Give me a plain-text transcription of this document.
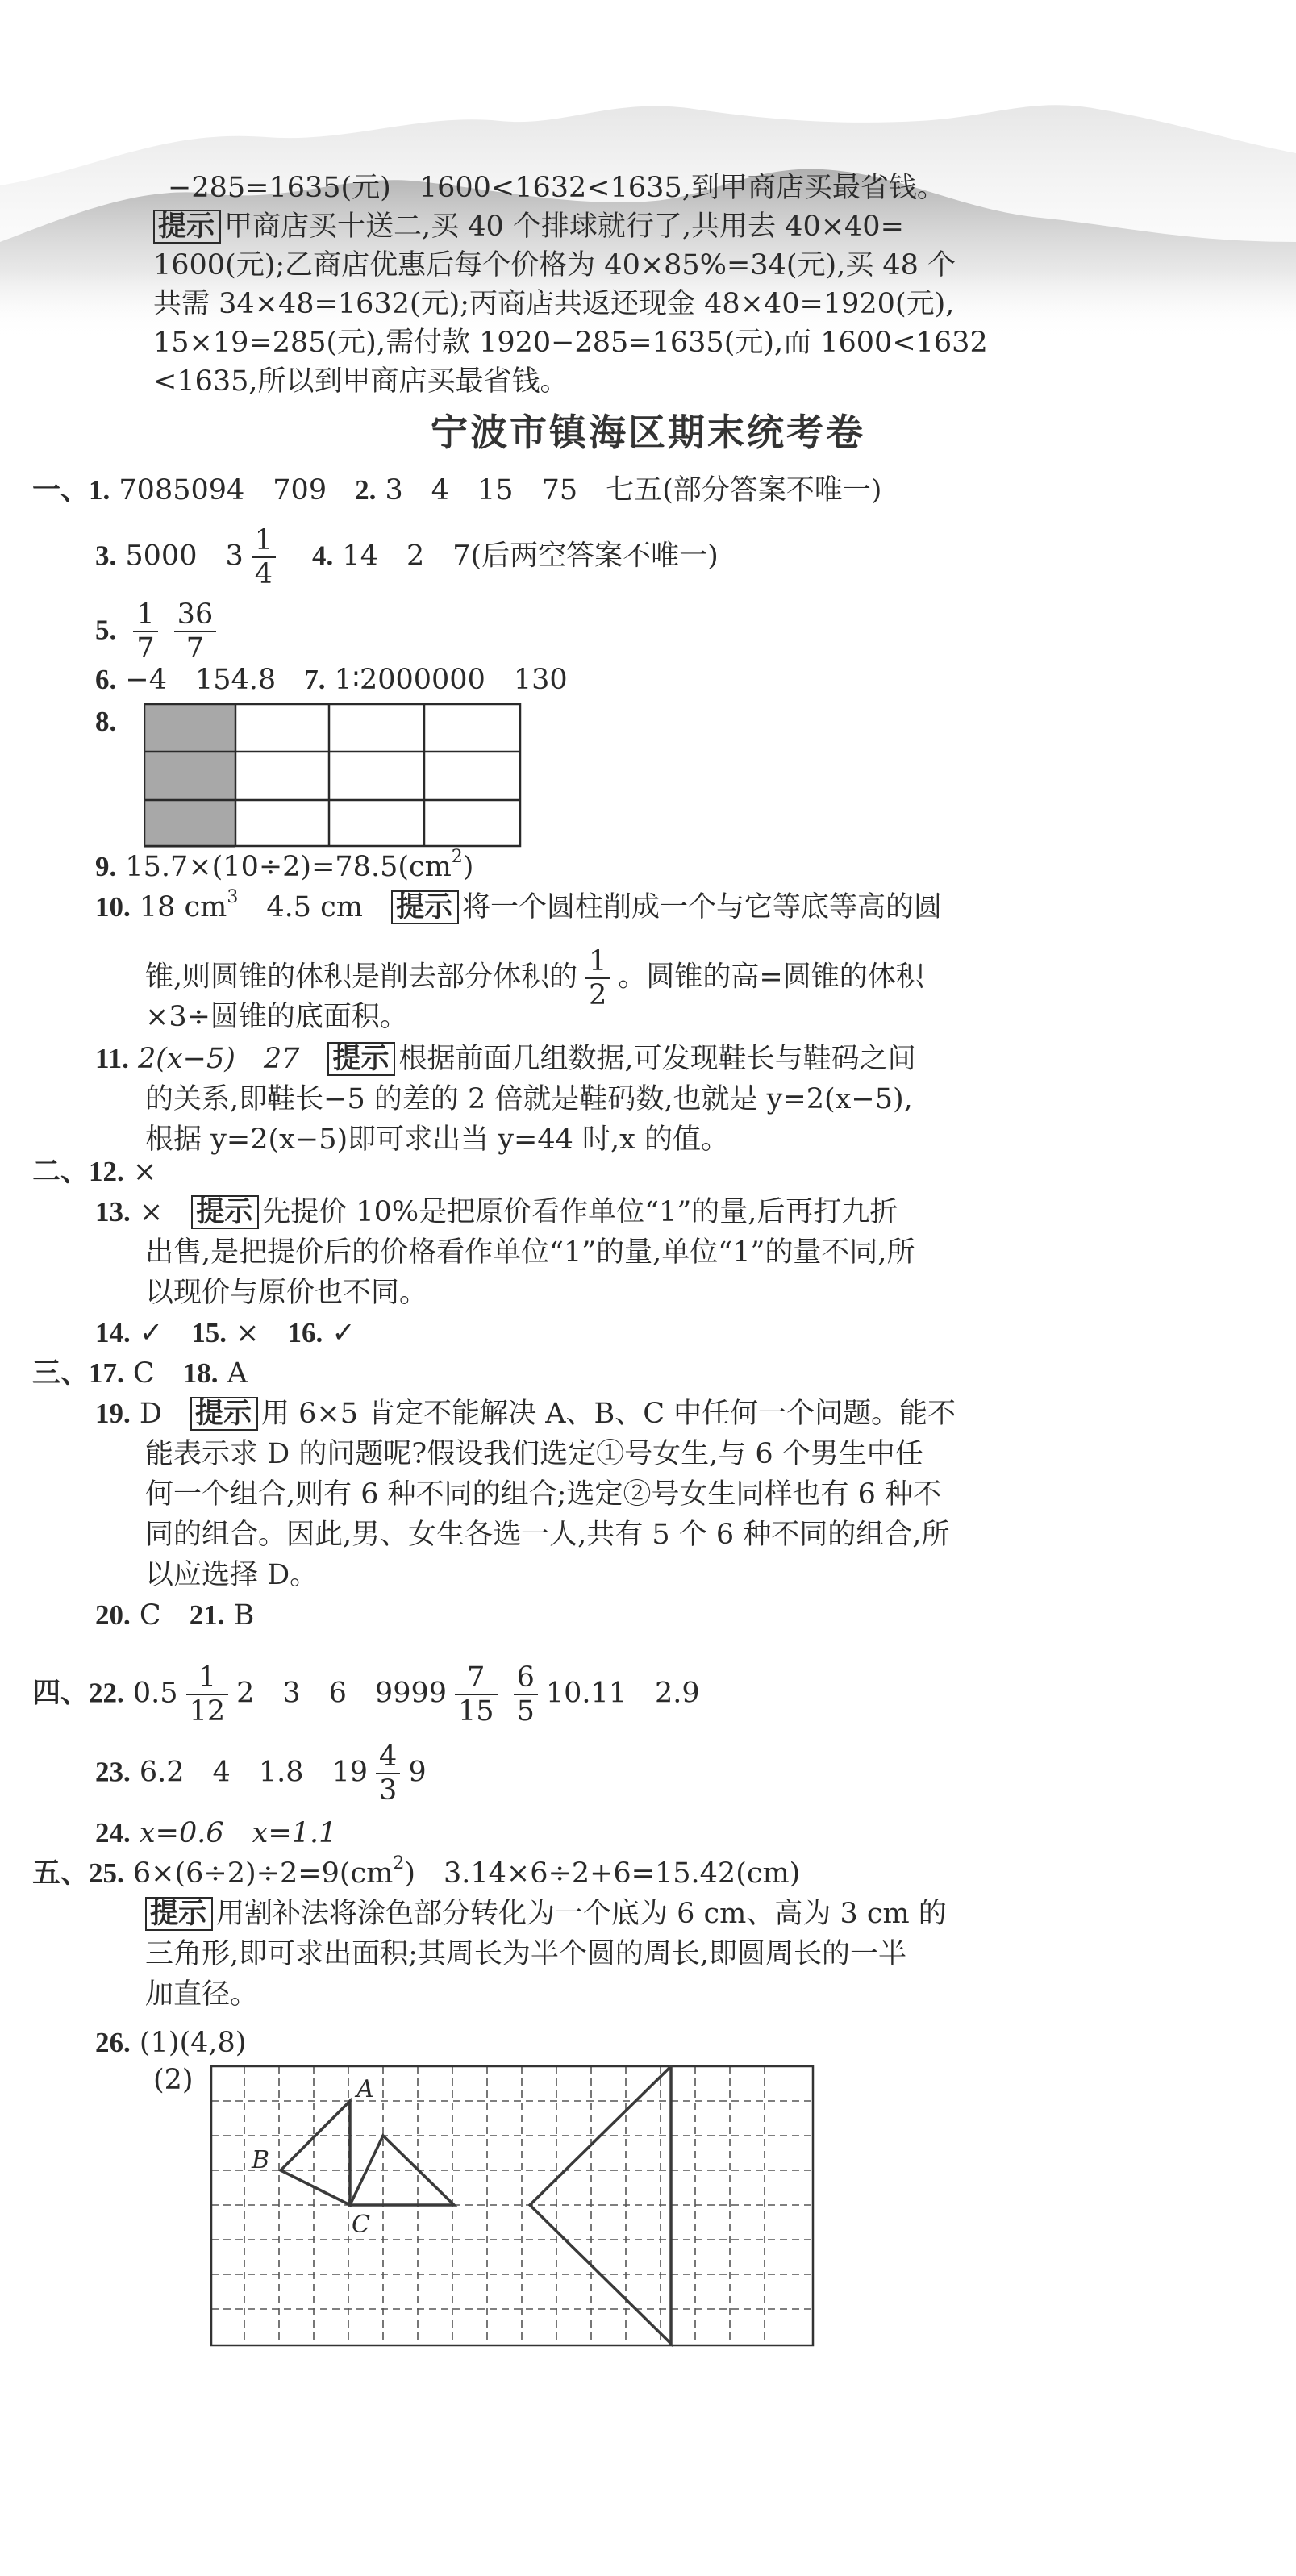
−285=1635(元)　1600<1632<1635,到甲商店买最省钱。
提示 甲商店买十送二,买 40 个排球就行了,共用去 40×40=
1600(元);乙商店优惠后每个价格为 40×85%=34(元),买 48 个
共需 34×48=1632(元);丙商店共返还现金 48×40=1920(元),
15×19=285(元),需付款 1920−285=1635(元),而 1600<1632
<1635,所以到甲商店买最省钱。
宁波市镇海区期末统考卷
一、1. 7085094　709　 2. 3　4　15　75　七五(部分答案不唯一)
3. 5000　$3 \frac{1}{4}$
　 4. 14　2　7(后两空答案不唯一)
5. $\frac{1}{7} \frac{36}{7}$
6. −4　154.8　 7. 1∶2000000　130
8.
9. $15.7\times(10\div 2)=78.5(cm^2)$
10. 18 $cm^3$　 4.5 cm　 提示 将一个圆柱削成一个与它等底等高的圆
锥,则圆锥的体积是削去部分体积的 $\frac{1}{2}$ 。圆锥的高=圆锥的体积
×3÷圆锥的底面积。
11. 2(x−5)　27　 提示 根据前面几组数据,可发现鞋长与鞋码之间
的关系,即鞋长−5 的差的 2 倍就是鞋码数,也就是 y=2(x−5),
根据 y=2(x−5)即可求出当 y=44 时,x 的值。
二、12. ×
13. ×　 提示 先提价 10%是把原价看作单位“1”的量,后再打九折
出售,是把提价后的价格看作单位“1”的量,单位“1”的量不同,所
以现价与原价也不同。
14. ✓　 15. ×　 16. ✓
三、17. C　 18. A
19. D　 提示 用 6×5 肯定不能解决 A、B、C 中任何一个问题。能不
能表示求 D 的问题呢?假设我们选定①号女生,与 6 个男生中任
何一个组合,则有 6 种不同的组合;选定②号女生同样也有 6 种不
同的组合。因此,男、女生各选一人,共有 5 个 6 种不同的组合,所
以应选择 D。
20. C　 21. B
四、22. $0.5 \frac{1}{12} 2$　3　6　$9999 \frac{7}{15} \frac{6}{5} 10.11$　2.9
23. 6.2　4　1.8　$19 \frac{4}{3} 9$
24. x=0.6　x=1.1
五、25. $6\times(6\div 2)\div 2=9(cm^2)$　3.14×6÷2+6=15.42(cm)
提示 用割补法将涂色部分转化为一个底为 6 cm、高为 3 cm 的
三角形,即可求出面积;其周长为半个圆的周长,即圆周长的一半
加直径。
26. (1)(4,8)
(2)	A
B
C
